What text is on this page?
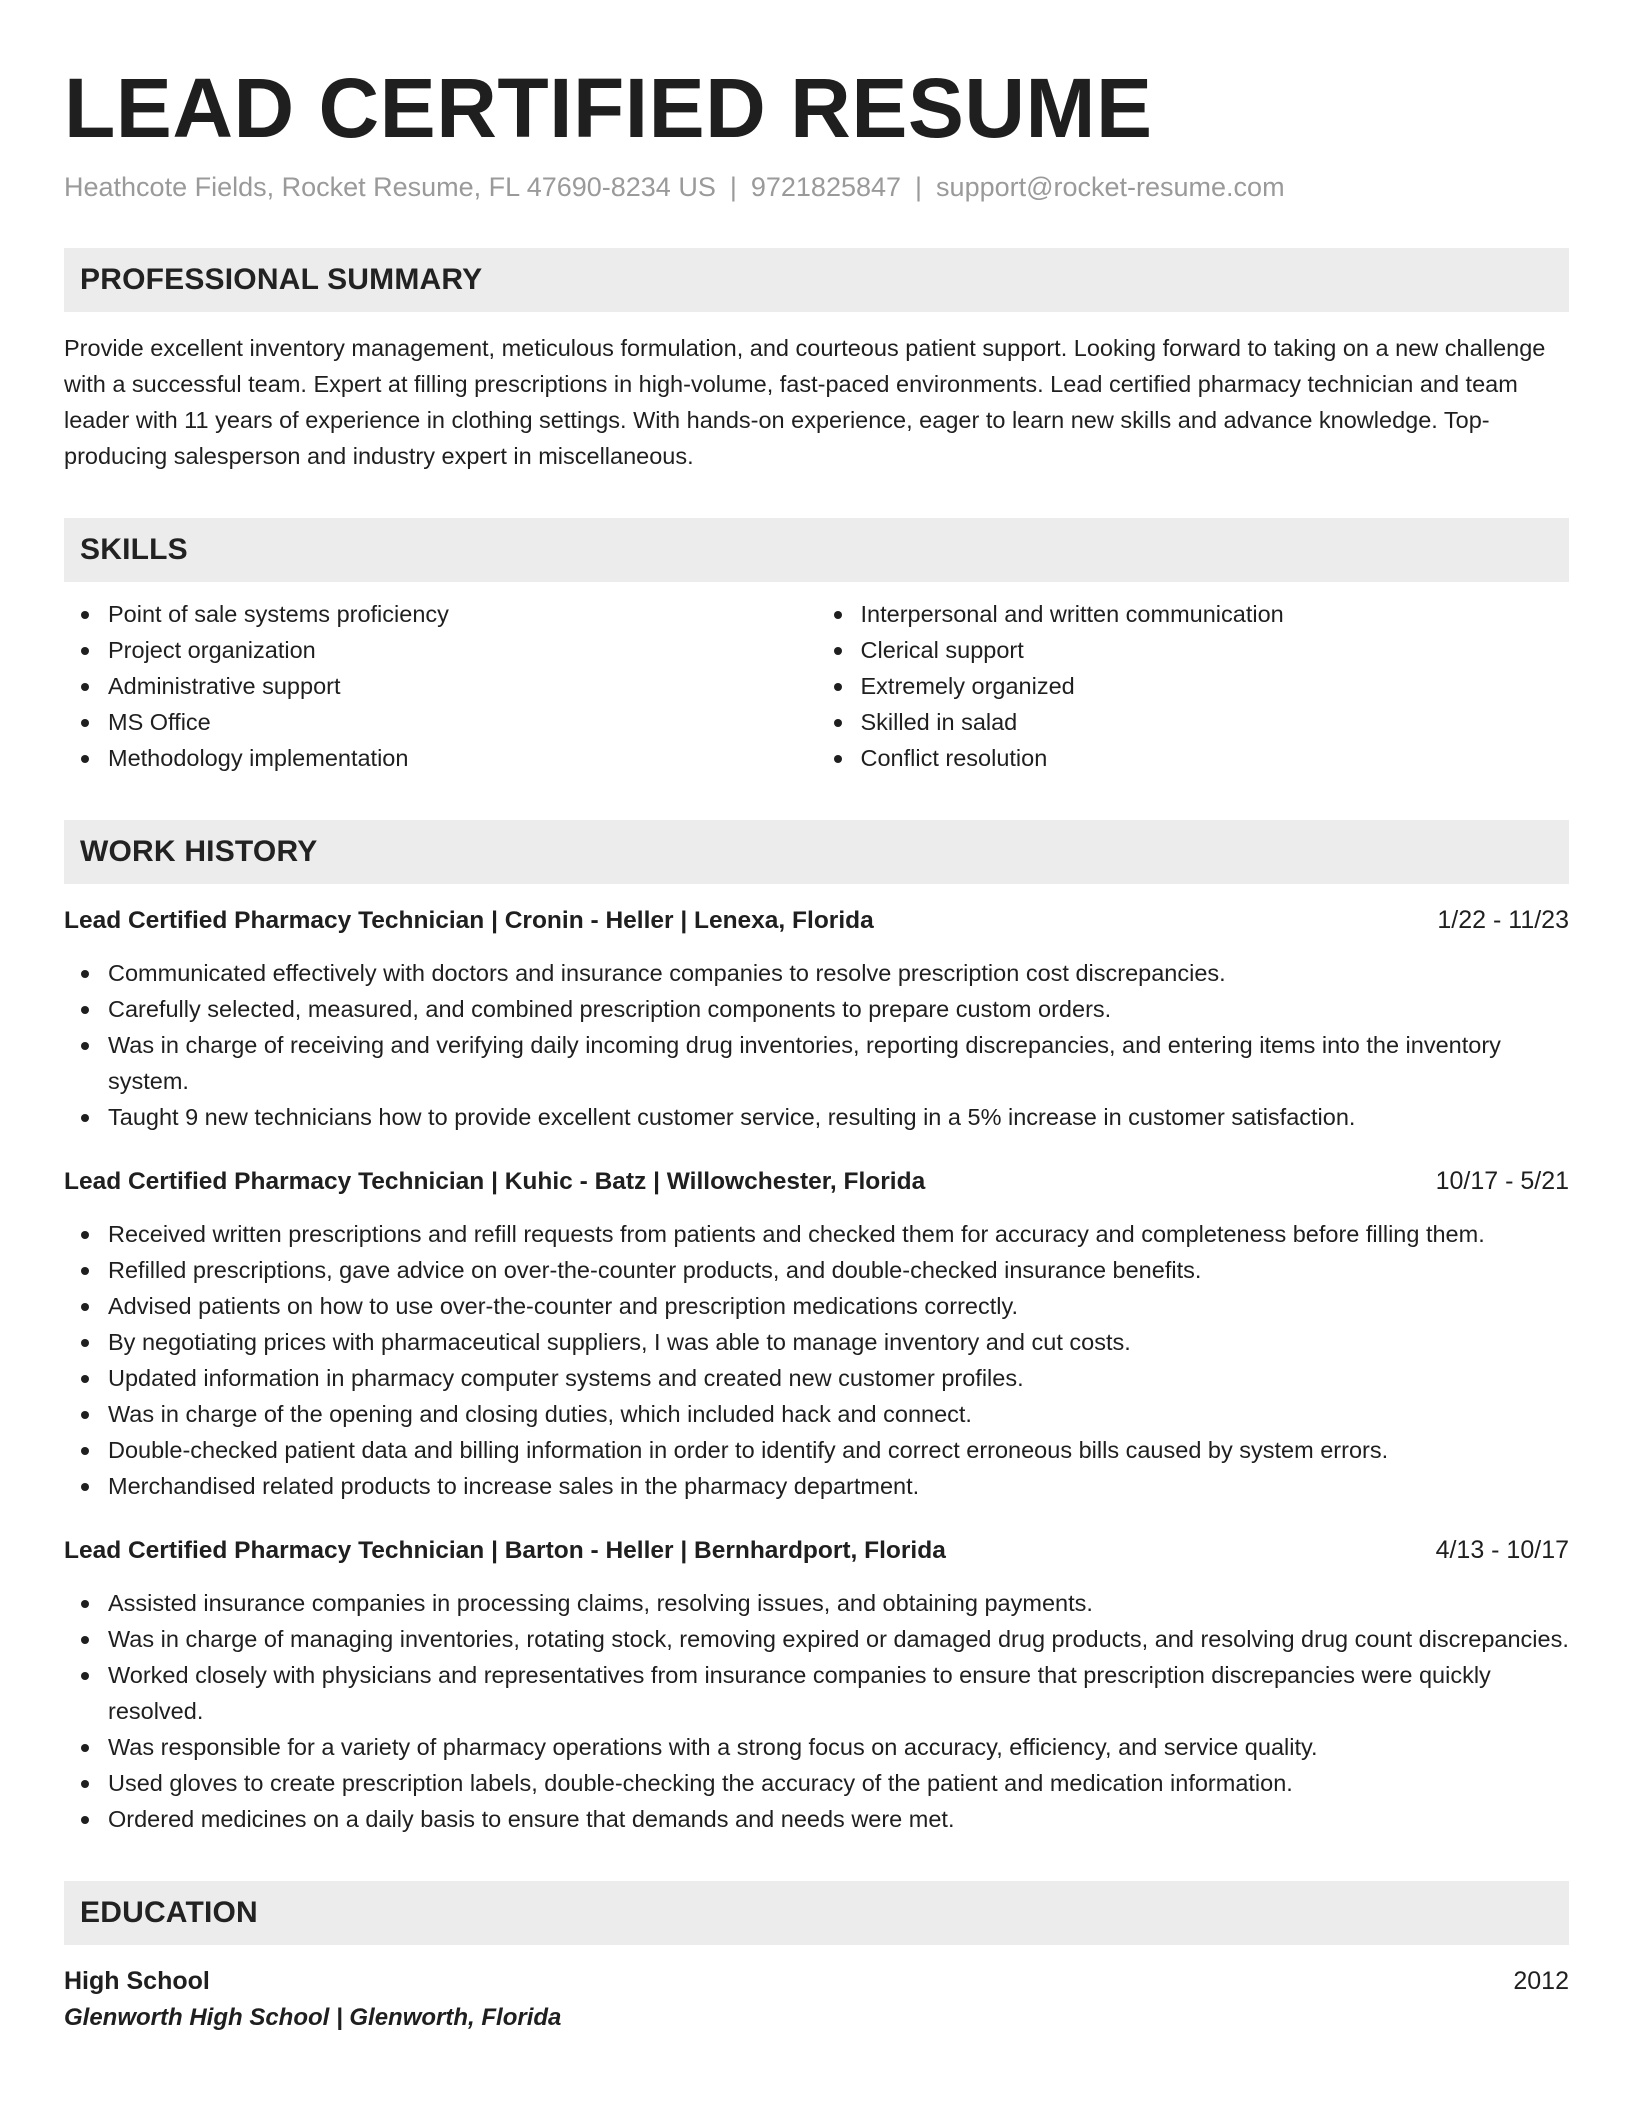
LEAD CERTIFIED RESUME
Heathcote Fields, Rocket Resume, FL 47690-8234 US | 9721825847 | support@rocket-resume.com
PROFESSIONAL SUMMARY

Provide excellent inventory management, meticulous formulation, and courteous patient support. Looking forward to taking on a new challenge with a successful team. Expert at filling prescriptions in high-volume, fast-paced environments. Lead certified pharmacy technician and team leader with 11 years of experience in clothing settings. With hands-on experience, eager to learn new skills and advance knowledge. Top-producing salesperson and industry expert in miscellaneous.

SKILLS
Point of sale systems proficiency
Project organization
Administrative support
MS Office
Methodology implementation
Interpersonal and written communication
Clerical support
Extremely organized
Skilled in salad
Conflict resolution
WORK HISTORY
Lead Certified Pharmacy Technician | Cronin - Heller | Lenexa, Florida	1/22 - 11/23
Communicated effectively with doctors and insurance companies to resolve prescription cost discrepancies.
Carefully selected, measured, and combined prescription components to prepare custom orders.
Was in charge of receiving and verifying daily incoming drug inventories, reporting discrepancies, and entering items into the inventory system.
Taught 9 new technicians how to provide excellent customer service, resulting in a 5% increase in customer satisfaction.
Lead Certified Pharmacy Technician | Kuhic - Batz | Willowchester, Florida	10/17 - 5/21
Received written prescriptions and refill requests from patients and checked them for accuracy and completeness before filling them.
Refilled prescriptions, gave advice on over-the-counter products, and double-checked insurance benefits.
Advised patients on how to use over-the-counter and prescription medications correctly.
By negotiating prices with pharmaceutical suppliers, I was able to manage inventory and cut costs.
Updated information in pharmacy computer systems and created new customer profiles.
Was in charge of the opening and closing duties, which included hack and connect.
Double-checked patient data and billing information in order to identify and correct erroneous bills caused by system errors.
Merchandised related products to increase sales in the pharmacy department.
Lead Certified Pharmacy Technician | Barton - Heller | Bernhardport, Florida	4/13 - 10/17
Assisted insurance companies in processing claims, resolving issues, and obtaining payments.
Was in charge of managing inventories, rotating stock, removing expired or damaged drug products, and resolving drug count discrepancies.
Worked closely with physicians and representatives from insurance companies to ensure that prescription discrepancies were quickly resolved.
Was responsible for a variety of pharmacy operations with a strong focus on accuracy, efficiency, and service quality.
Used gloves to create prescription labels, double-checking the accuracy of the patient and medication information.
Ordered medicines on a daily basis to ensure that demands and needs were met.
EDUCATION
High School	2012
Glenworth High School | Glenworth, Florida
